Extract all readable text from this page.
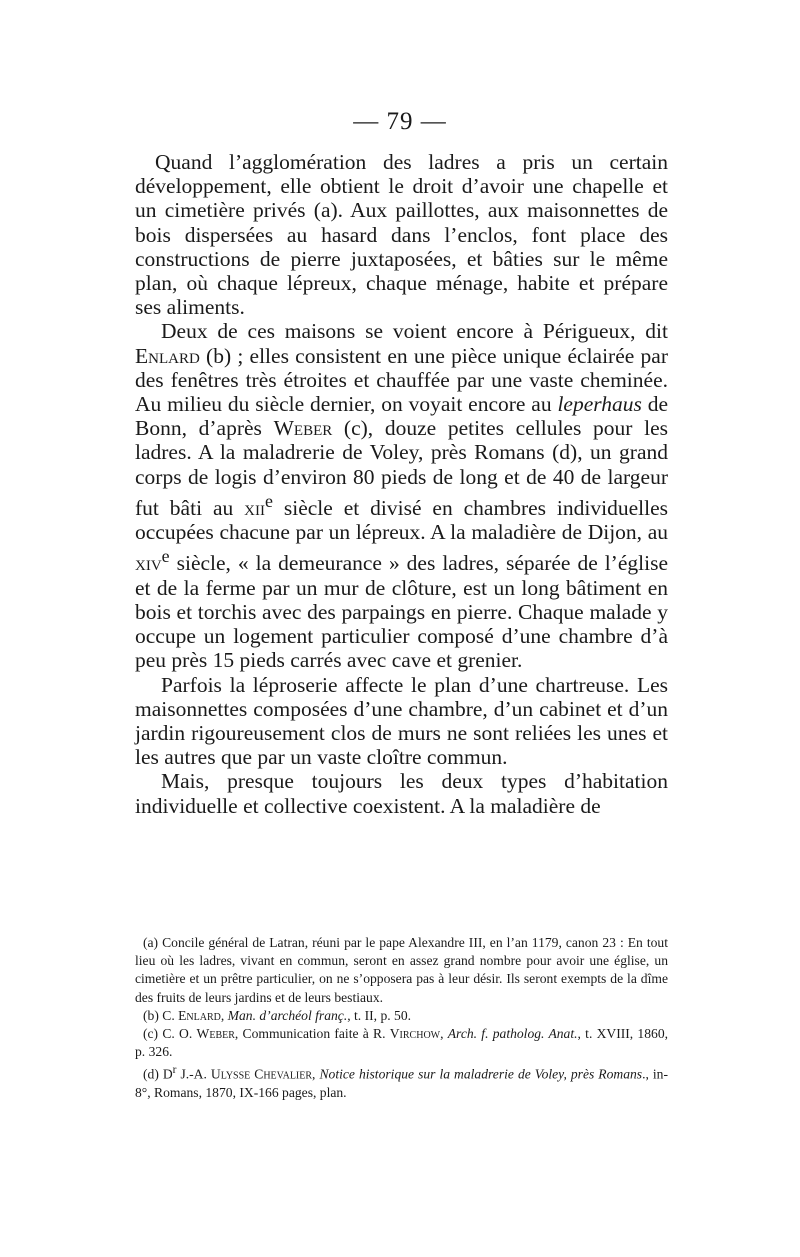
— 79 —

Quand l’agglomération des ladres a pris un certain développement, elle obtient le droit d’avoir une chapelle et un cimetière privés (a). Aux paillottes, aux maisonnettes de bois dispersées au hasard dans l’enclos, font place des constructions de pierre juxtaposées, et bâties sur le même plan, où chaque lépreux, chaque ménage, habite et prépare ses aliments.

Deux de ces maisons se voient encore à Périgueux, dit Enlard (b) ; elles consistent en une pièce unique éclairée par des fenêtres très étroites et chauffée par une vaste cheminée. Au milieu du siècle dernier, on voyait encore au leperhaus de Bonn, d’après Weber (c), douze petites cellules pour les ladres. A la maladrerie de Voley, près Romans (d), un grand corps de logis d’environ 80 pieds de long et de 40 de largeur fut bâti au xii$^e$ siècle et divisé en chambres individuelles occupées chacune par un lépreux. A la maladière de Dijon, au xiv$^e$ siècle, « la demeurance » des ladres, séparée de l’église et de la ferme par un mur de clôture, est un long bâtiment en bois et torchis avec des parpaings en pierre. Chaque malade y occupe un logement particulier composé d’une chambre d’à peu près 15 pieds carrés avec cave et grenier.

Parfois la léproserie affecte le plan d’une chartreuse. Les maisonnettes composées d’une chambre, d’un cabinet et d’un jardin rigoureusement clos de murs ne sont reliées les unes et les autres que par un vaste cloître commun.

Mais, presque toujours les deux types d’habitation individuelle et collective coexistent. A la maladière de

(a) Concile général de Latran, réuni par le pape Alexandre III, en l’an 1179, canon 23 : En tout lieu où les ladres, vivant en commun, seront en assez grand nombre pour avoir une église, un cimetière et un prêtre particulier, on ne s’opposera pas à leur désir. Ils seront exempts de la dîme des fruits de leurs jardins et de leurs bestiaux.

(b) C. Enlard, Man. d’archéol franç., t. II, p. 50.

(c) C. O. Weber, Communication faite à R. Virchow, Arch. f. patholog. Anat., t. XVIII, 1860, p. 326.

(d) $D^r$ J.-A. Ulysse Chevalier, Notice historique sur la maladrerie de Voley, près Romans., in-8°, Romans, 1870, IX-166 pages, plan.
